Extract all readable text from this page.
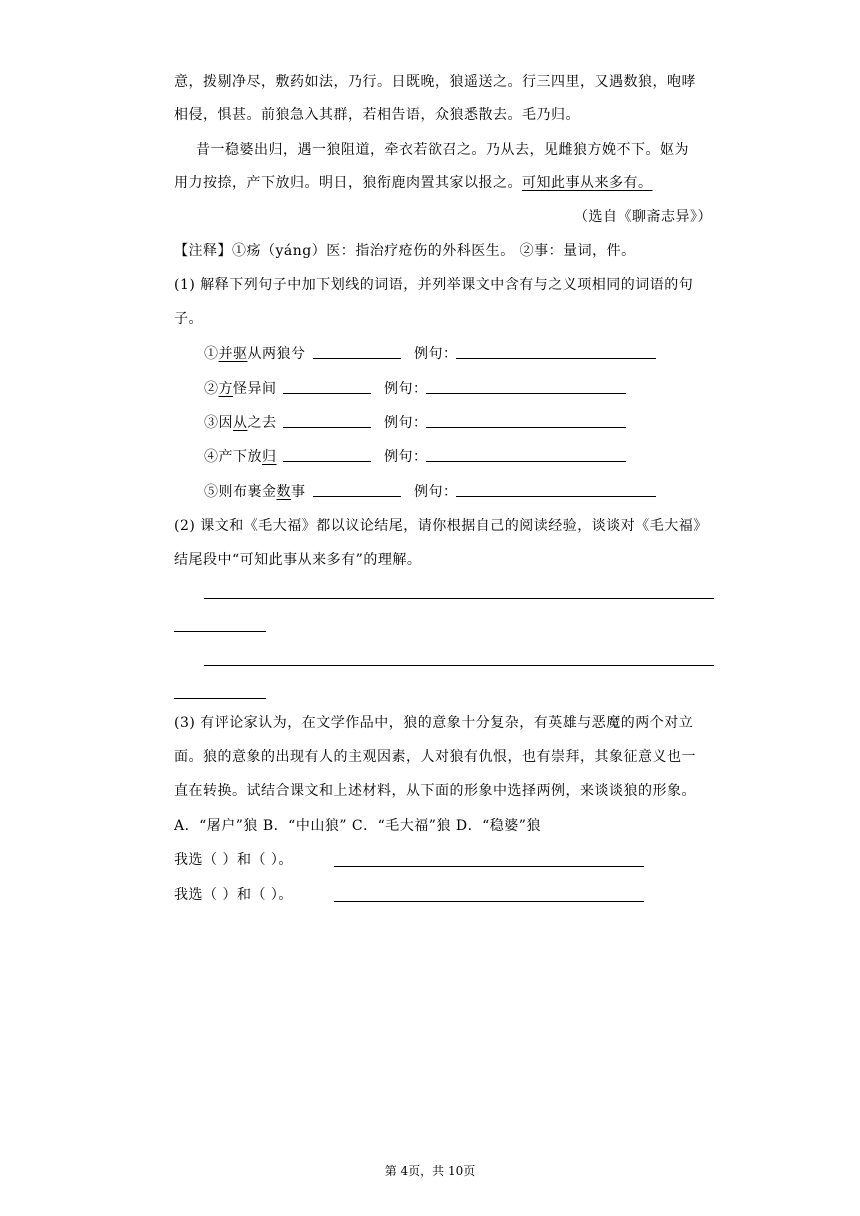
意，拨剔净尽，敷药如法，乃行。日既晚，狼遥送之。行三四里，又遇数狼，咆哮
相侵，惧甚。前狼急入其群，若相告语，众狼悉散去。毛乃归。
昔一稳婆出归，遇一狼阻道，牵衣若欲召之。乃从去，见雌狼方娩不下。妪为
用力按捺，产下放归。明日，狼衔鹿肉置其家以报之。可知此事从来多有。
（选自《聊斋志异》）
【注释】①疡（yáng）医：指治疗疮伤的外科医生。 ②事：量词，件。
(1) 解释下列句子中加下划线的词语，并列举课文中含有与之义项相同的词语的句
子。
①并驱从两狼兮	例句：
②方怪异间	例句：
③因从之去	例句：
④产下放归	例句：
⑤则布裹金数事	例句：
(2) 课文和《毛大福》都以议论结尾，请你根据自己的阅读经验，谈谈对《毛大福》
结尾段中“可知此事从来多有”的理解。
(3) 有评论家认为，在文学作品中，狼的意象十分复杂，有英雄与恶魔的两个对立
面。狼的意象的出现有人的主观因素，人对狼有仇恨，也有崇拜，其象征意义也一
直在转换。试结合课文和上述材料，从下面的形象中选择两例，来谈谈狼的形象。
A．“屠户”狼 B．“中山狼” C．“毛大福”狼 D．“稳婆”狼
我选（ ）和（ ）。
我选（ ）和（ ）。
第 4页，共 10页
